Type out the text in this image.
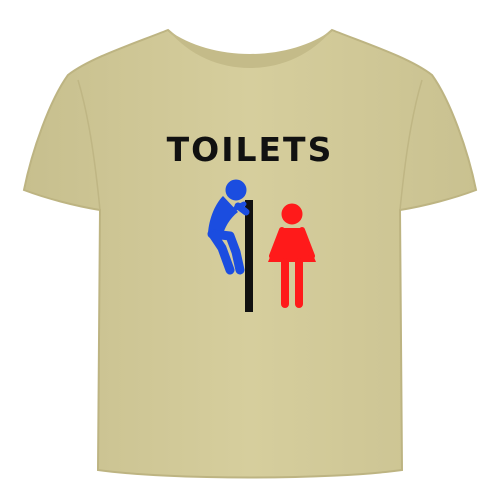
TOILETS
